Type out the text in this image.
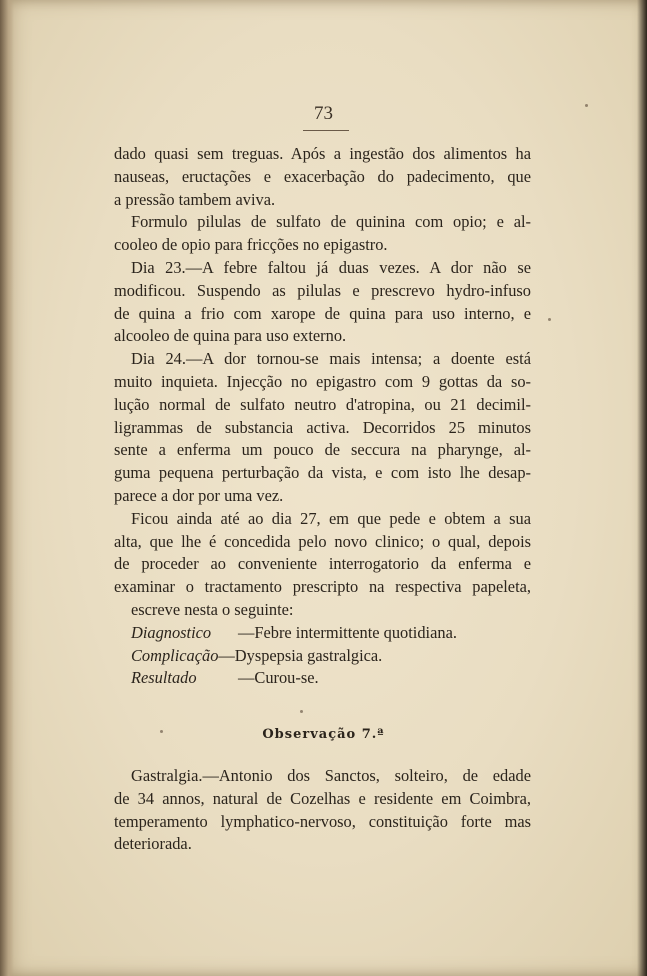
73
dado quasi sem treguas. Após a ingestão dos alimentos ha
nauseas, eructações e exacerbação do padecimento, que
a pressão tambem aviva.
Formulo pilulas de sulfato de quinina com opio; e al-
cooleo de opio para fricções no epigastro.
Dia 23.—A febre faltou já duas vezes. A dor não se
modificou. Suspendo as pilulas e prescrevo hydro-infuso
de quina a frio com xarope de quina para uso interno, e
alcooleo de quina para uso externo.
Dia 24.—A dor tornou-se mais intensa; a doente está
muito inquieta. Injecção no epigastro com 9 gottas da so-
lução normal de sulfato neutro d'atropina, ou 21 decimil-
ligrammas de substancia activa. Decorridos 25 minutos
sente a enferma um pouco de seccura na pharynge, al-
guma pequena perturbação da vista, e com isto lhe desap-
parece a dor por uma vez.
Ficou ainda até ao dia 27, em que pede e obtem a sua
alta, que lhe é concedida pelo novo clinico; o qual, depois
de proceder ao conveniente interrogatorio da enferma e
examinar o tractamento prescripto na respectiva papeleta,
escreve nesta o seguinte:
Diagnostico	—Febre intermittente quotidiana.
Complicação —Dyspepsia gastralgica.
Resultado	—Curou-se.
Observação 7.ª
Gastralgia.—Antonio dos Sanctos, solteiro, de edade
de 34 annos, natural de Cozelhas e residente em Coimbra,
temperamento lymphatico-nervoso, constituição forte mas
deteriorada.
